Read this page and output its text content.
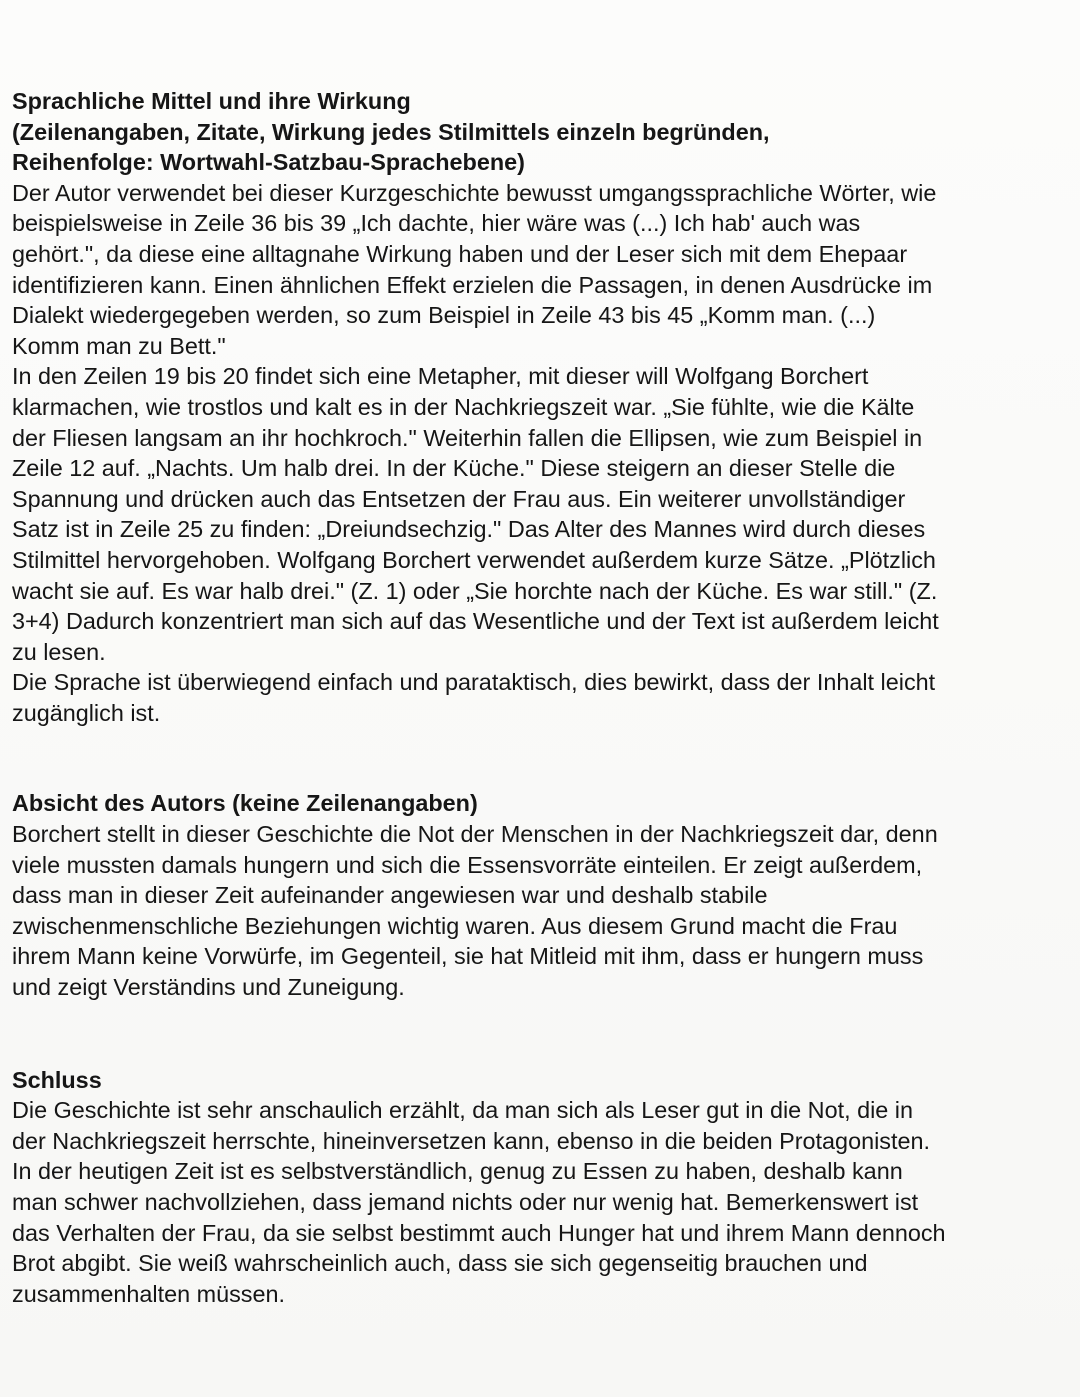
Sprachliche Mittel und ihre Wirkung
(Zeilenangaben, Zitate, Wirkung jedes Stilmittels einzeln begründen,
Reihenfolge: Wortwahl-Satzbau-Sprachebene)
Der Autor verwendet bei dieser Kurzgeschichte bewusst umgangssprachliche Wörter, wie
beispielsweise in Zeile 36 bis 39 „Ich dachte, hier wäre was (...) Ich hab' auch was
gehört.", da diese eine alltagnahe Wirkung haben und der Leser sich mit dem Ehepaar
identifizieren kann. Einen ähnlichen Effekt erzielen die Passagen, in denen Ausdrücke im
Dialekt wiedergegeben werden, so zum Beispiel in Zeile 43 bis 45 „Komm man. (...)
Komm man zu Bett."
In den Zeilen 19 bis 20 findet sich eine Metapher, mit dieser will Wolfgang Borchert
klarmachen, wie trostlos und kalt es in der Nachkriegszeit war. „Sie fühlte, wie die Kälte
der Fliesen langsam an ihr hochkroch." Weiterhin fallen die Ellipsen, wie zum Beispiel in
Zeile 12 auf. „Nachts. Um halb drei. In der Küche." Diese steigern an dieser Stelle die
Spannung und drücken auch das Entsetzen der Frau aus. Ein weiterer unvollständiger
Satz ist in Zeile 25 zu finden: „Dreiundsechzig." Das Alter des Mannes wird durch dieses
Stilmittel hervorgehoben. Wolfgang Borchert verwendet außerdem kurze Sätze. „Plötzlich
wacht sie auf. Es war halb drei." (Z. 1) oder „Sie horchte nach der Küche. Es war still." (Z.
3+4) Dadurch konzentriert man sich auf das Wesentliche und der Text ist außerdem leicht
zu lesen.
Die Sprache ist überwiegend einfach und parataktisch, dies bewirkt, dass der Inhalt leicht
zugänglich ist.
Absicht des Autors (keine Zeilenangaben)
Borchert stellt in dieser Geschichte die Not der Menschen in der Nachkriegszeit dar, denn
viele mussten damals hungern und sich die Essensvorräte einteilen. Er zeigt außerdem,
dass man in dieser Zeit aufeinander angewiesen war und deshalb stabile
zwischenmenschliche Beziehungen wichtig waren. Aus diesem Grund macht die Frau
ihrem Mann keine Vorwürfe, im Gegenteil, sie hat Mitleid mit ihm, dass er hungern muss
und zeigt Verständins und Zuneigung.
Schluss
Die Geschichte ist sehr anschaulich erzählt, da man sich als Leser gut in die Not, die in
der Nachkriegszeit herrschte, hineinversetzen kann, ebenso in die beiden Protagonisten.
In der heutigen Zeit ist es selbstverständlich, genug zu Essen zu haben, deshalb kann
man schwer nachvollziehen, dass jemand nichts oder nur wenig hat. Bemerkenswert ist
das Verhalten der Frau, da sie selbst bestimmt auch Hunger hat und ihrem Mann dennoch
Brot abgibt. Sie weiß wahrscheinlich auch, dass sie sich gegenseitig brauchen und
zusammenhalten müssen.
